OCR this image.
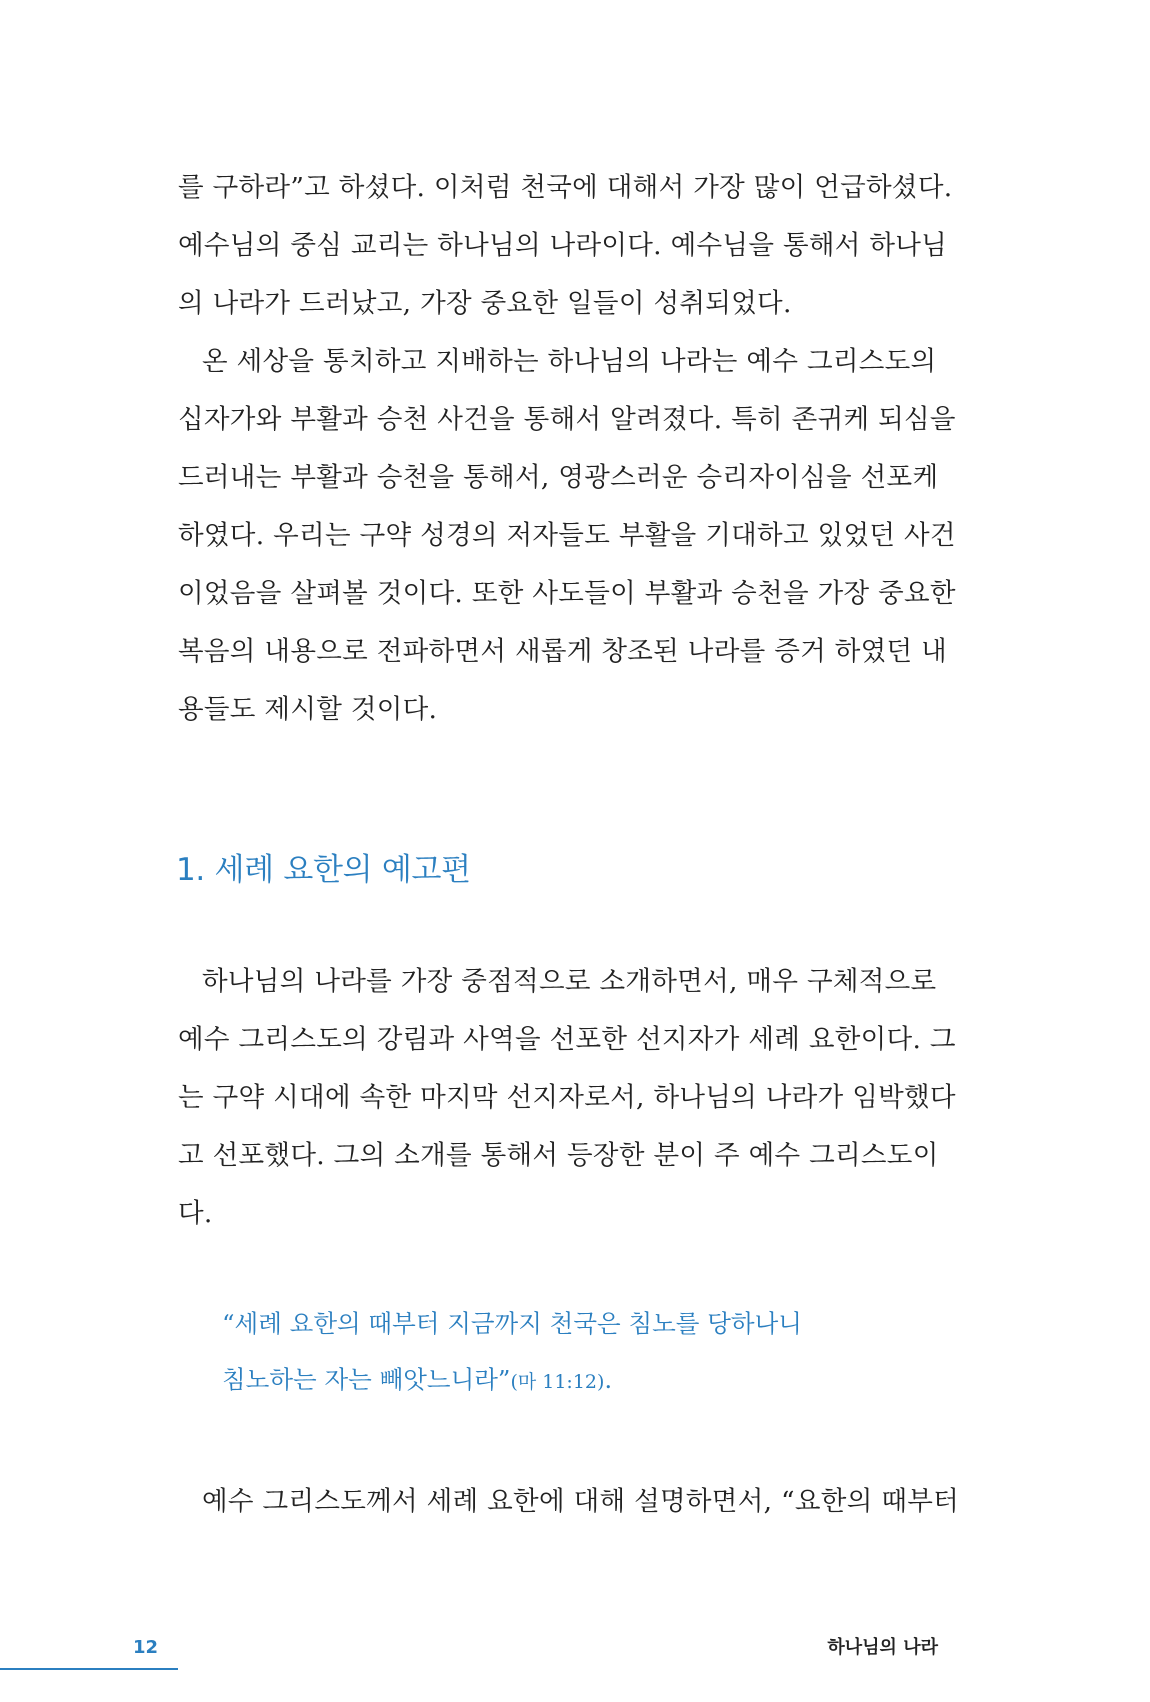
를 구하라”고 하셨다. 이처럼 천국에 대해서 가장 많이 언급하셨다.
예수님의 중심 교리는 하나님의 나라이다. 예수님을 통해서 하나님
의 나라가 드러났고, 가장 중요한 일들이 성취되었다.
온 세상을 통치하고 지배하는 하나님의 나라는 예수 그리스도의
십자가와 부활과 승천 사건을 통해서 알려졌다. 특히 존귀케 되심을
드러내는 부활과 승천을 통해서, 영광스러운 승리자이심을 선포케
하였다. 우리는 구약 성경의 저자들도 부활을 기대하고 있었던 사건
이었음을 살펴볼 것이다. 또한 사도들이 부활과 승천을 가장 중요한
복음의 내용으로 전파하면서 새롭게 창조된 나라를 증거 하였던 내
용들도 제시할 것이다.
1. 세례 요한의 예고편
하나님의 나라를 가장 중점적으로 소개하면서, 매우 구체적으로
예수 그리스도의 강림과 사역을 선포한 선지자가 세례 요한이다. 그
는 구약 시대에 속한 마지막 선지자로서, 하나님의 나라가 임박했다
고 선포했다. 그의 소개를 통해서 등장한 분이 주 예수 그리스도이
다.
“세례 요한의 때부터 지금까지 천국은 침노를 당하나니
침노하는 자는 빼앗느니라”(마 11:12).
예수 그리스도께서 세례 요한에 대해 설명하면서, “요한의 때부터
12	하나님의 나라
